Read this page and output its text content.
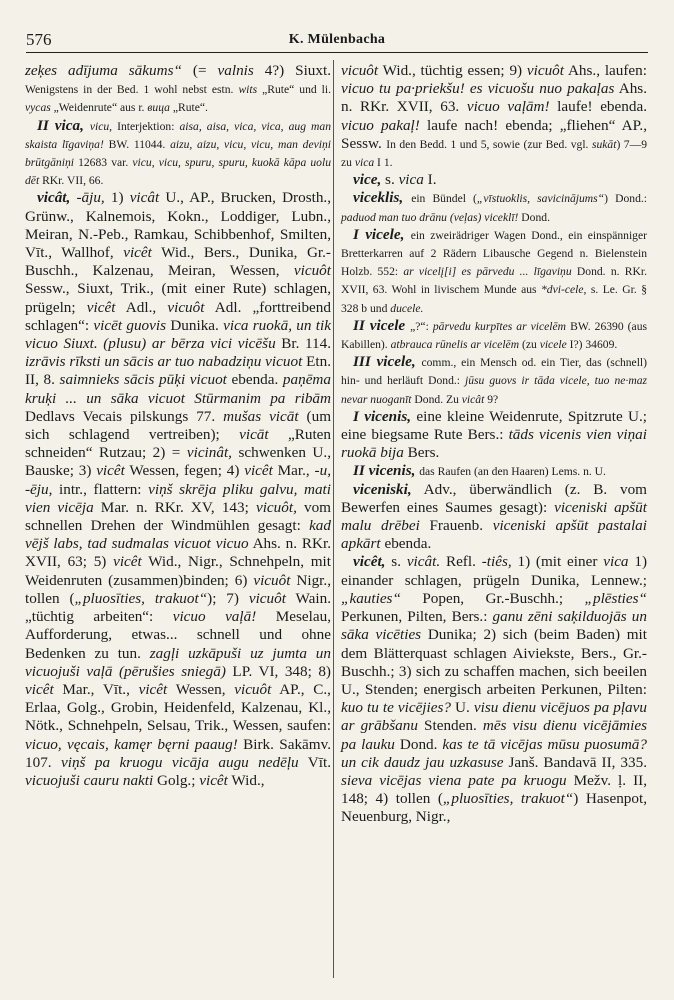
576	K. Mülenbacha

zeķes adījuma sākums“ (= valnis 4?) Siuxt. Wenigstens in der Bed. 1 wohl nebst estn. wits „Rute“ und li. vycas „Weidenrute“ aus r. вица „Rute“.

II vica, vicu, Interjektion: aisa, aisa, vica, vica, aug man skaista līgaviņa! BW. 11044. aizu, aizu, vicu, vicu, man deviņi brūtgāniņi 12683 var. vicu, vicu, spuru, spuru, kuokā kāpa uolu dēt RKr. VII, 66.

vicât, -āju, 1) vicât U., AP., Brucken, Drosth., Grünw., Kalnemois, Kokn., Loddiger, Lubn., Meiran, N.-Peb., Ramkau, Schibbenhof, Smilten, Vīt., Wallhof, vicêt Wid., Bers., Dunika, Gr.-Buschh., Kalzenau, Meiran, Wessen, vicuôt Sessw., Siuxt, Trik., (mit einer Rute) schlagen, prügeln; vicêt Adl., vicuôt Adl. „forttreibend schlagen“: vicēt guovis Dunika. vica ruokā, un tik vicuo Siuxt. (plusu) ar bērza vici vicēšu Br. 114. izrāvis rīksti un sācis ar tuo nabadziņu vicuot Etn. II, 8. saimnieks sācis pūķi vicuot ebenda. paņēma kruķi ... un sāka vicuot Stūrmanim pa ribām Dedlavs Vecais pilskungs 77. mušas vicāt (um sich schlagend vertreiben); vicāt „Ruten schneiden“ Rutzau; 2) = vicinât, schwenken U., Bauske; 3) vicêt Wessen, fegen; 4) vicêt Mar., -u, -ēju, intr., flattern: viņš skrēja pliku galvu, mati vien vicēja Mar. n. RKr. XV, 143; vicuôt, vom schnellen Drehen der Windmühlen gesagt: kad vējš labs, tad sudmalas vicuot vicuo Ahs. n. RKr. XVII, 63; 5) vicêt Wid., Nigr., Schnehpeln, mit Weidenruten (zusammen)binden; 6) vicuôt Nigr., tollen („pluosīties, trakuot“); 7) vicuôt Wain. „tüchtig arbeiten“: vicuo vaļā! Meselau, Aufforderung, etwas... schnell und ohne Bedenken zu tun. zagļi uzkāpuši uz jumta un vicuojuši vaļā (pērušies sniegā) LP. VI, 348; 8) vicêt Mar., Vīt., vicêt Wessen, vicuôt AP., C., Erlaa, Golg., Grobin, Heidenfeld, Kalzenau, Kl., Nötk., Schnehpeln, Selsau, Trik., Wessen, saufen: vicuo, vęcais, kamęr bęrni paaug! Birk. Sakāmv. 107. viņš pa kruogu vicāja augu nedēļu Vīt. vicuojuši cauru nakti Golg.; vicêt Wid.,

vicuôt Wid., tüchtig essen; 9) vicuôt Ahs., laufen: vicuo tu pa·priekšu! es vicuošu nuo pakaļas Ahs. n. RKr. XVII, 63. vicuo vaļām! laufe! ebenda. vicuo pakaļ! laufe nach! ebenda; „fliehen“ AP., Sessw. In den Bedd. 1 und 5, sowie (zur Bed. vgl. sukāt) 7—9 zu vica I 1.

vice, s. vica I.

viceklis, ein Bündel („vīstuoklis, savicinājums“) Dond.: paduod man tuo drānu (veļas) viceklī! Dond.

I vicele, ein zweirädriger Wagen Dond., ein einspänniger Bretterkarren auf 2 Rädern Libausche Gegend n. Bielenstein Holzb. 552: ar vicelį[i] es pārvedu ... līgaviņu Dond. n. RKr. XVII, 63. Wohl in livischem Munde aus *dvi-cele, s. Le. Gr. § 328 b und ducele.

II vicele „?“: pārvedu kurpītes ar vicelēm BW. 26390 (aus Kabillen). atbrauca rūnelis ar vicelēm (zu vicele I?) 34609.

III vicele, comm., ein Mensch od. ein Tier, das (schnell) hin- und herläuft Dond.: jūsu guovs ir tāda vicele, tuo ne·maz nevar nuoganīt Dond. Zu vicât 9?

I vicenis, eine kleine Weidenrute, Spitzrute U.; eine biegsame Rute Bers.: tāds vicenis vien viņai ruokā bija Bers.

II vicenis, das Raufen (an den Haaren) Lems. n. U.

viceniski, Adv., überwändlich (z. B. vom Bewerfen eines Saumes gesagt): viceniski apšūt malu drēbei Frauenb. viceniski apšūt pastalai apkārt ebenda.

vicêt, s. vicât. Refl. -tiês, 1) (mit einer vica 1) einander schlagen, prügeln Dunika, Lennew.; „kauties“ Popen, Gr.-Buschh.; „plēsties“ Perkunen, Pilten, Bers.: ganu zēni saķilduojās un sāka vicēties Dunika; 2) sich (beim Baden) mit dem Blätterquast schlagen Aiviekste, Bers., Gr.-Buschh.; 3) sich zu schaffen machen, sich beeilen U., Stenden; energisch arbeiten Perkunen, Pilten: kuo tu te vicējies? U. visu dienu vicējuos pa pļavu ar grābšanu Stenden. mēs visu dienu vicējāmies pa lauku Dond. kas te tā vicējas mūsu puosumā? un cik daudz jau uzkasuse Janš. Bandavā II, 335. sieva vicējas viena pate pa kruogu Mežv. ḷ. II, 148; 4) tollen („pluosīties, trakuot“) Hasenpot, Neuenburg, Nigr.,
